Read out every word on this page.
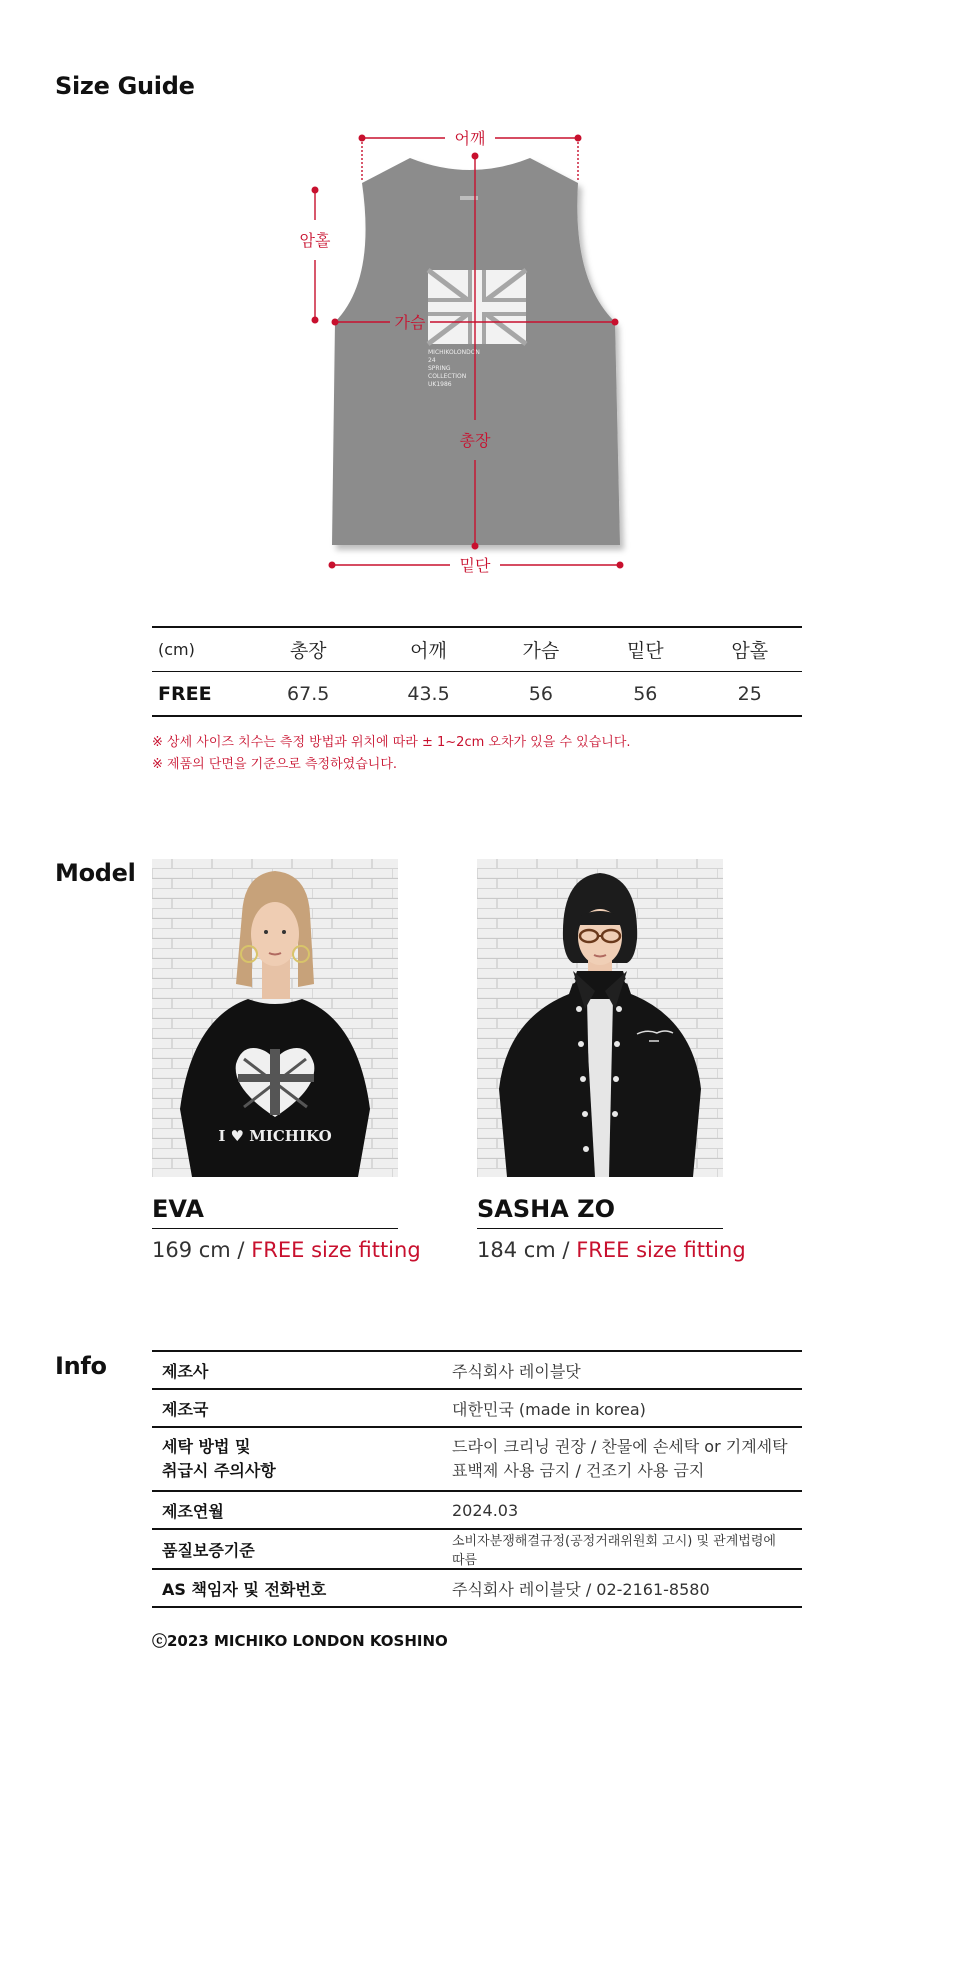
Size Guide
MICHIKOLONDON
24
SPRING
COLLECTION
UK1986
어깨
암홀
가슴
총장
밑단
(cm)	총장	어깨	가슴	밑단	암홀
FREE	67.5	43.5	56	56	25
※ 상세 사이즈 치수는 측정 방법과 위치에 따라 ± 1~2cm 오차가 있을 수 있습니다.
※ 제품의 단면을 기준으로 측정하였습니다.
Model
I ♥ MICHIKO
EVA
169 cm / FREE size fitting
SASHA ZO
184 cm / FREE size fitting
Info	제조사	주식회사 레이블닷
제조국	대한민국 (made in korea)
세탁 방법 및
취급시 주의사항	드라이 크리닝 권장 / 찬물에 손세탁 or 기계세탁
표백제 사용 금지 / 건조기 사용 금지
제조연월	2024.03
품질보증기준	소비자분쟁해결규정(공정거래위원회 고시) 및 관계법령에 따름
AS 책임자 및 전화번호	주식회사 레이블닷 / 02-2161-8580
ⓒ2023 MICHIKO LONDON KOSHINO
